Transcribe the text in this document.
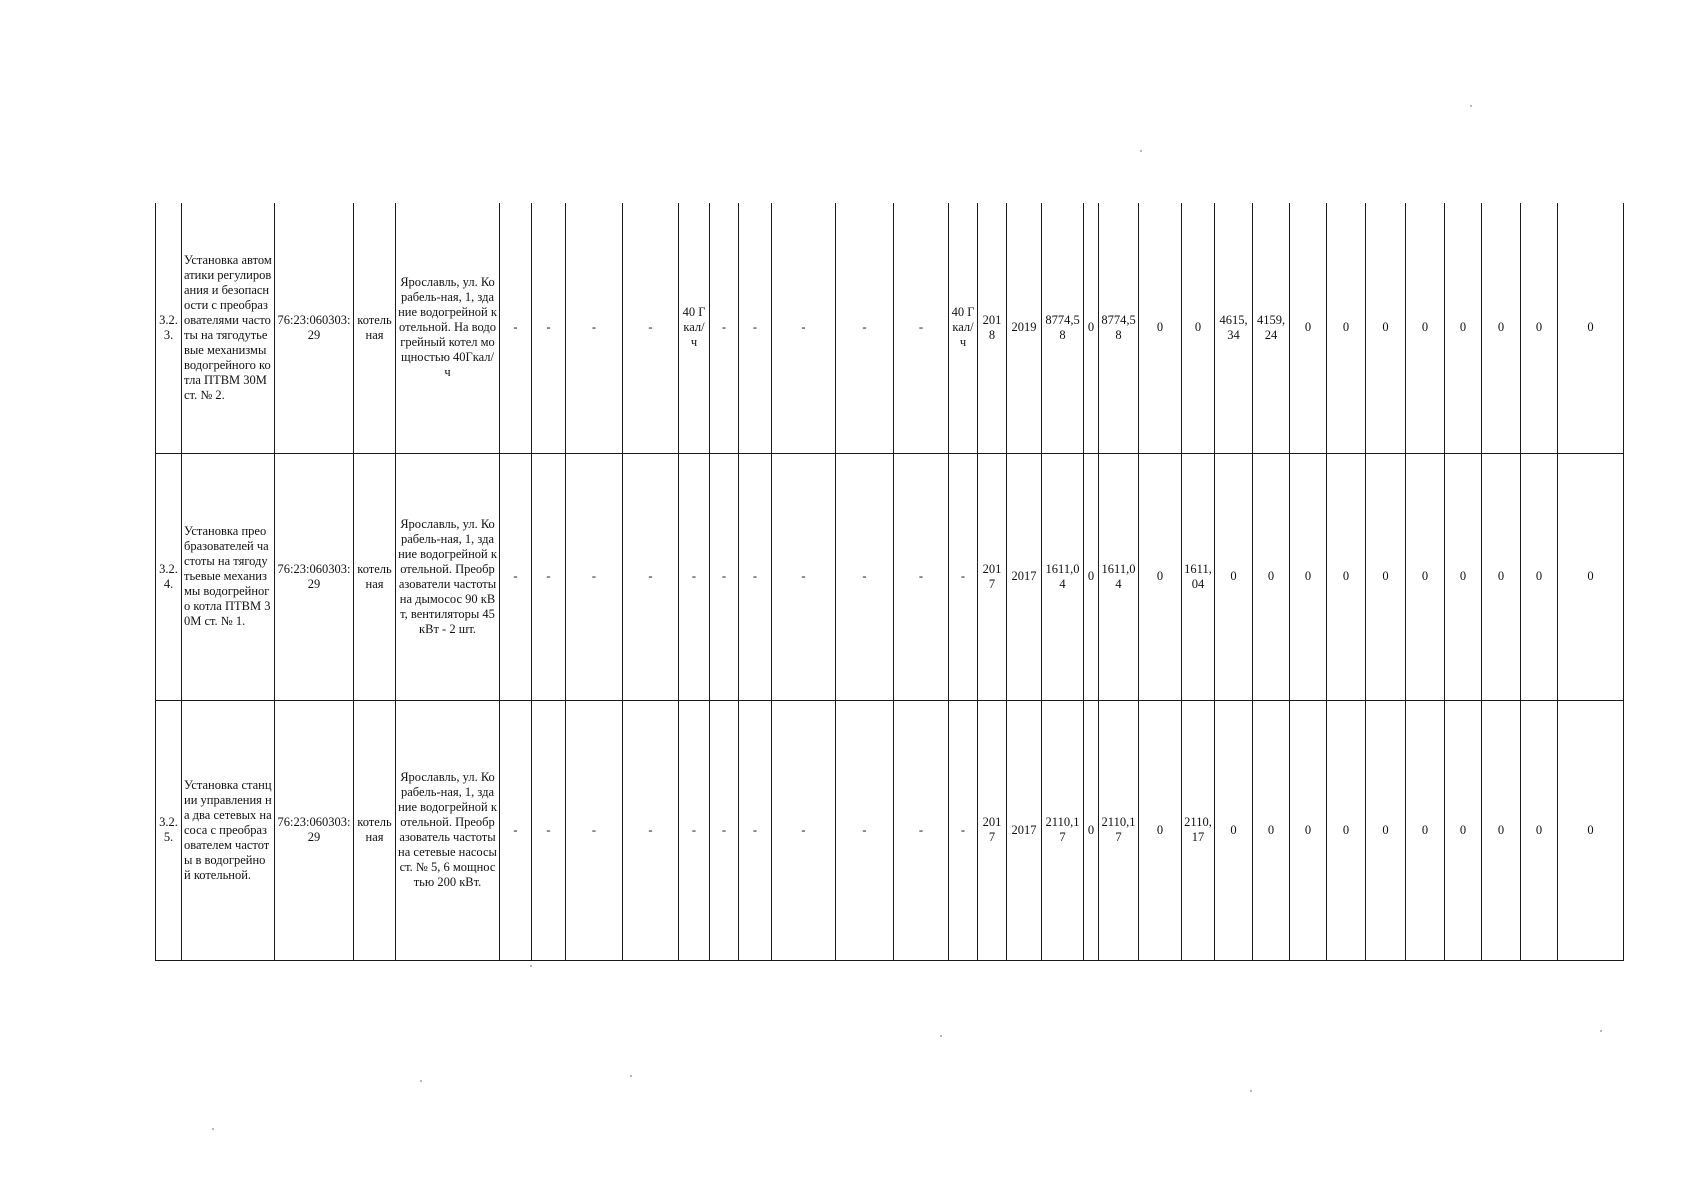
3.2.3.	Установка автоматики регулирования и безопасности с преобразователями частоты на тягодутьевые механизмы водогрейного котла ПТВМ 30М ст. № 2.	76:23:060303:29	котельная	Ярославль, ул. Корабель-ная, 1, здание водогрейной котельной. На водогрейный котел мощностью 40Гкал/ч	-	-	-	-	40 Гкал/ч	-	-	-	-	-	40 Гкал/ч	2018	2019	8774,58	0	8774,58	0	0	4615,34	4159,24	0	0	0	0	0	0	0	0
3.2.4.	Установка преобразователей частоты на тягодутьевые механизмы водогрейного котла ПТВМ 30М ст. № 1.	76:23:060303:29	котельная	Ярославль, ул. Корабель-ная, 1, здание водогрейной котельной. Преобразователи частоты на дымосос 90 кВт, вентиляторы 45 кВт - 2 шт.	-	-	-	-	-	-	-	-	-	-	-	2017	2017	1611,04	0	1611,04	0	1611,04	0	0	0	0	0	0	0	0	0	0
3.2.5.	Установка станции управления на два сетевых насоса с преобразователем частоты в водогрейной котельной.	76:23:060303:29	котельная	Ярославль, ул. Корабель-ная, 1, здание водогрейной котельной. Преобразователь частоты на сетевые насосы ст. № 5, 6 мощностью 200 кВт.	-	-	-	-	-	-	-	-	-	-	-	2017	2017	2110,17	0	2110,17	0	2110,17	0	0	0	0	0	0	0	0	0	0
